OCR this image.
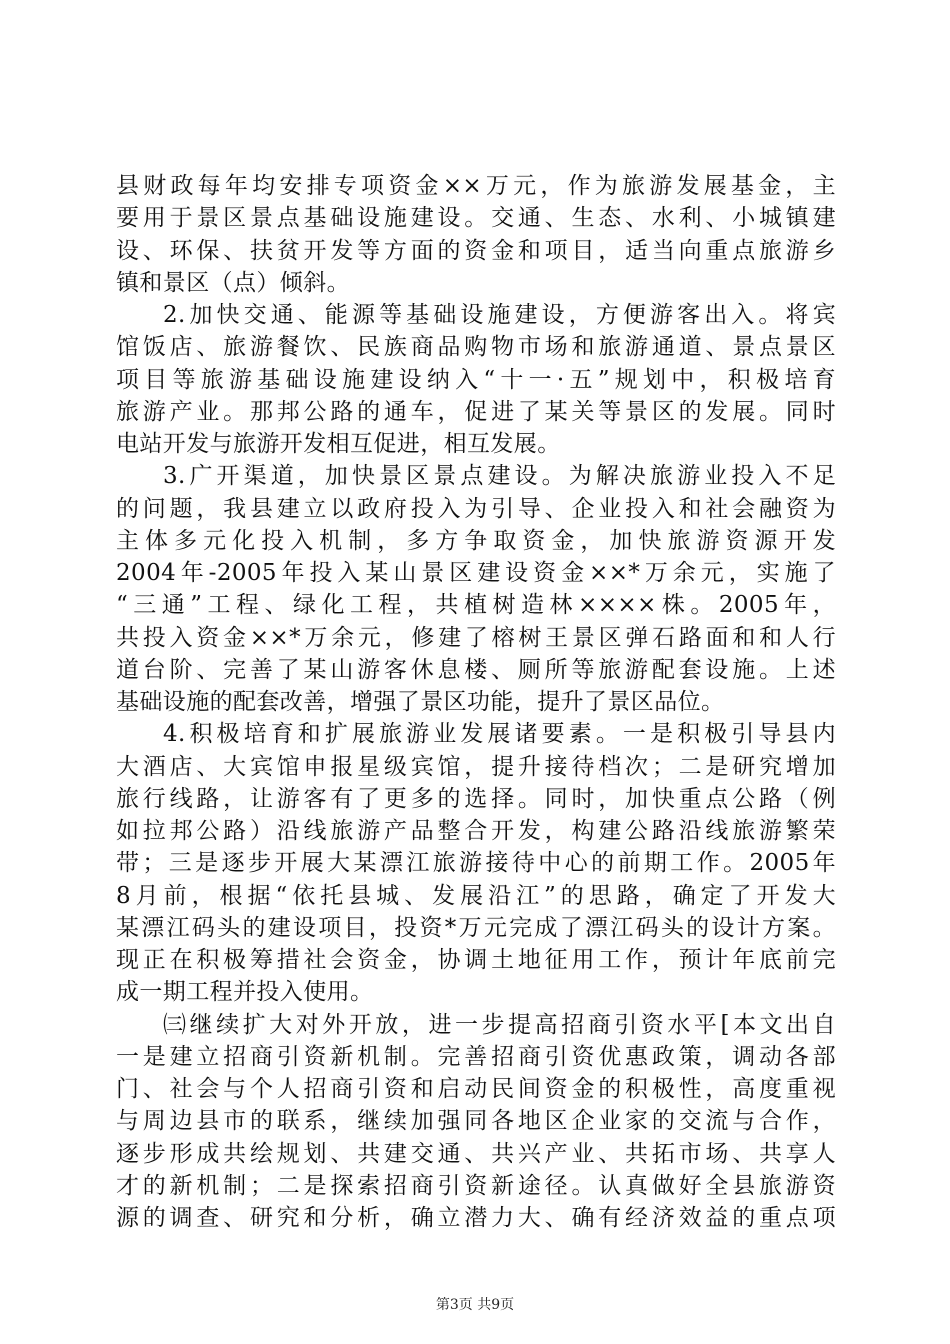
县财政每年均安排专项资金××万元，作为旅游发展基金，主
要用于景区景点基础设施建设。交通、生态、水利、小城镇建
设、环保、扶贫开发等方面的资金和项目，适当向重点旅游乡
镇和景区（点）倾斜。
2.加快交通、能源等基础设施建设，方便游客出入。将宾
馆饭店、旅游餐饮、民族商品购物市场和旅游通道、景点景区
项目等旅游基础设施建设纳入“十一·五”规划中，积极培育
旅游产业。那邦公路的通车，促进了某关等景区的发展。同时
电站开发与旅游开发相互促进，相互发展。
3.广开渠道，加快景区景点建设。为解决旅游业投入不足
的问题，我县建立以政府投入为引导、企业投入和社会融资为
主体多元化投入机制，多方争取资金，加快旅游资源开发
2004年-2005年投入某山景区建设资金××*万余元，实施了
“三通”工程、绿化工程，共植树造林××××株。2005年，
共投入资金××*万余元，修建了榕树王景区弹石路面和和人行
道台阶、完善了某山游客休息楼、厕所等旅游配套设施。上述
基础设施的配套改善，增强了景区功能，提升了景区品位。
4.积极培育和扩展旅游业发展诸要素。一是积极引导县内
大酒店、大宾馆申报星级宾馆，提升接待档次；二是研究增加
旅行线路，让游客有了更多的选择。同时，加快重点公路（例
如拉邦公路）沿线旅游产品整合开发，构建公路沿线旅游繁荣
带；三是逐步开展大某漂江旅游接待中心的前期工作。2005年
8月前，根据“依托县城、发展沿江”的思路，确定了开发大
某漂江码头的建设项目，投资*万元完成了漂江码头的设计方案。
现正在积极筹措社会资金，协调土地征用工作，预计年底前完
成一期工程并投入使用。
㈢继续扩大对外开放，进一步提高招商引资水平[本文出自
一是建立招商引资新机制。完善招商引资优惠政策，调动各部
门、社会与个人招商引资和启动民间资金的积极性，高度重视
与周边县市的联系，继续加强同各地区企业家的交流与合作，
逐步形成共绘规划、共建交通、共兴产业、共拓市场、共享人
才的新机制；二是探索招商引资新途径。认真做好全县旅游资
源的调查、研究和分析，确立潜力大、确有经济效益的重点项
第3页 共9页
